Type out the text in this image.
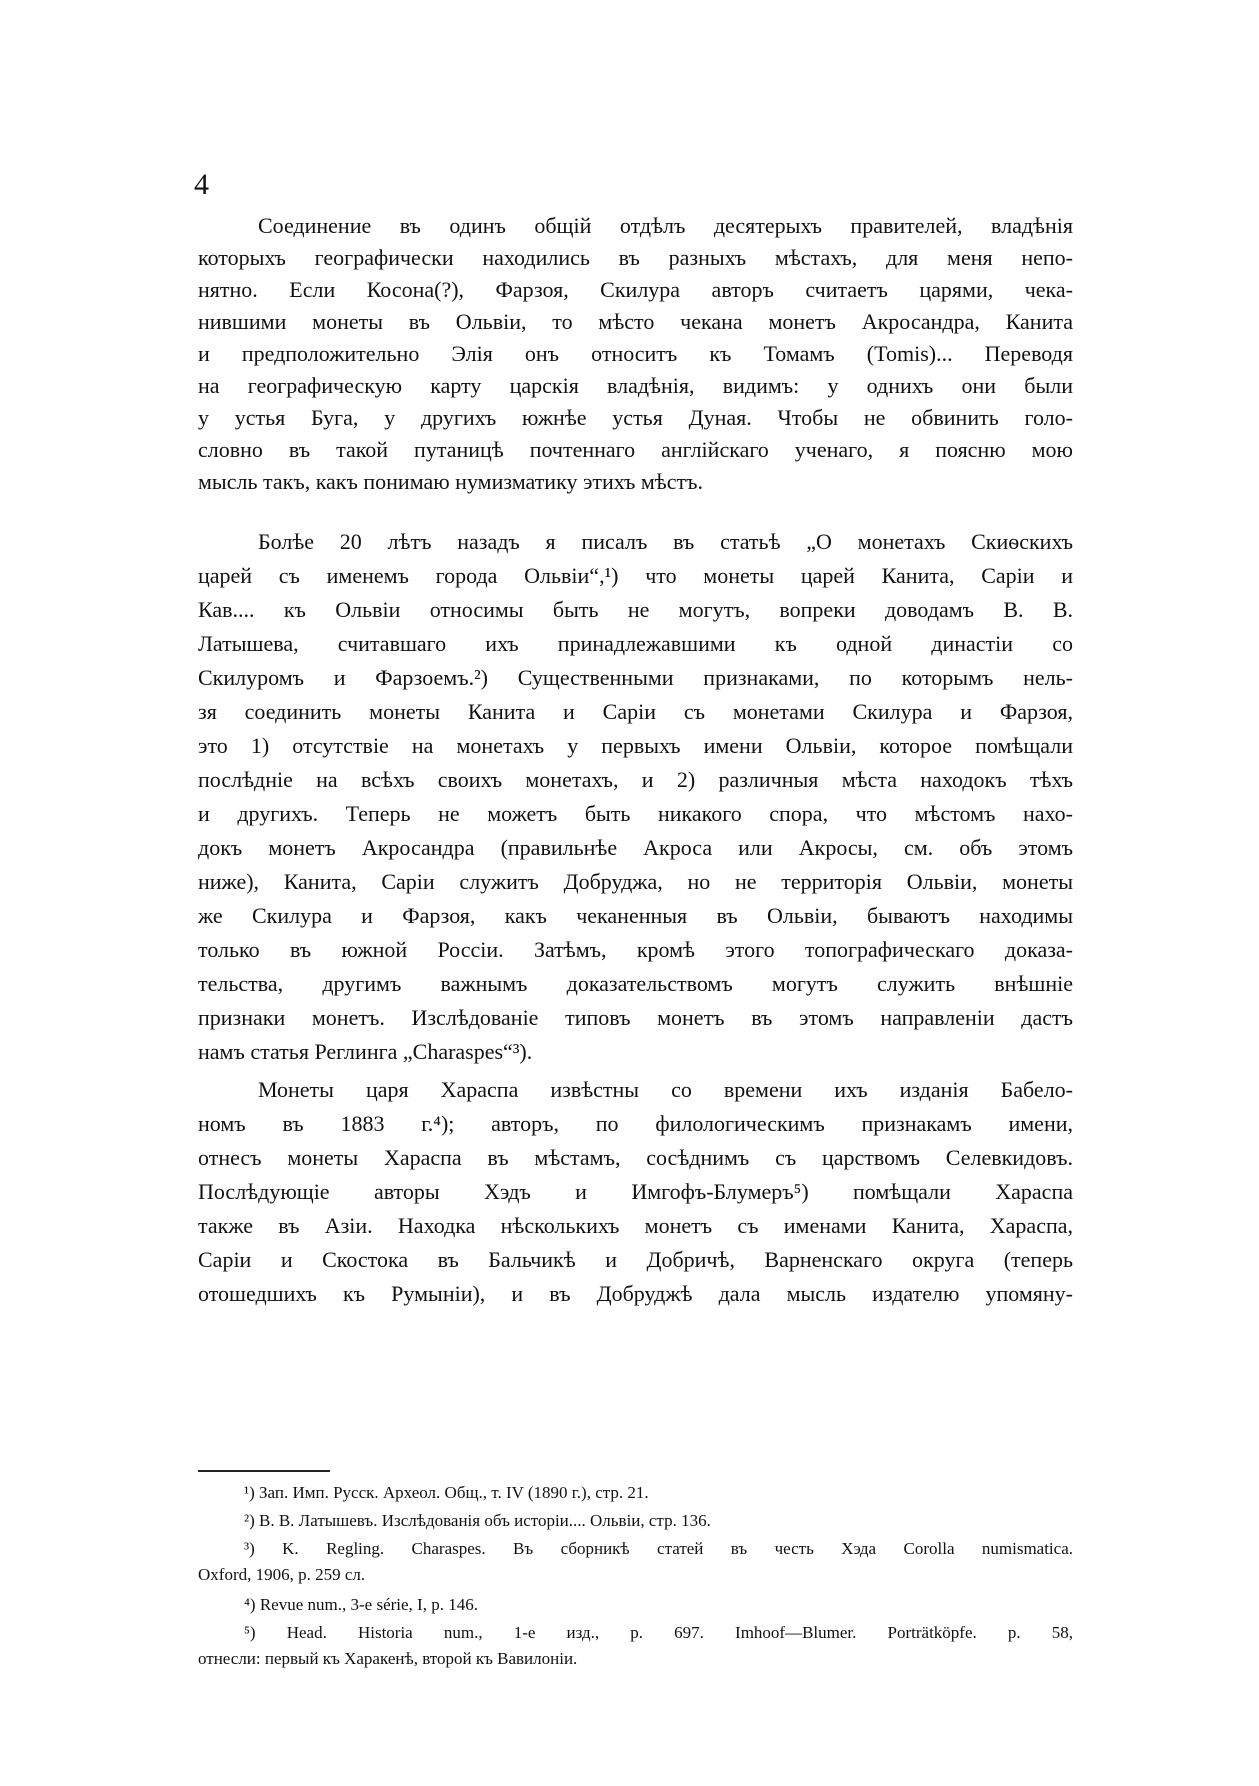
4
Соединение въ одинъ общій отдѣлъ десятерыхъ правителей, владѣнія
которыхъ географически находились въ разныхъ мѣстахъ, для меня непо-
нятно. Если Косона(?), Фарзоя, Скилура авторъ считаетъ царями, чека-
нившими монеты въ Ольвіи, то мѣсто чекана монетъ Акросандра, Канита
и предположительно Элія онъ относитъ къ Томамъ (Tomis)... Переводя
на географическую карту царскія владѣнія, видимъ: у однихъ они были
у устья Буга, у другихъ южнѣе устья Дуная. Чтобы не обвинить голо-
словно въ такой путаницѣ почтеннаго англійскаго ученаго, я поясню мою
мысль такъ, какъ понимаю нумизматику этихъ мѣстъ.
Болѣе 20 лѣтъ назадъ я писалъ въ статьѣ „О монетахъ Скиѳскихъ
царей съ именемъ города Ольвіи“,¹) что монеты царей Канита, Саріи и
Кав.... къ Ольвіи относимы быть не могутъ, вопреки доводамъ В. В.
Латышева, считавшаго ихъ принадлежавшими къ одной династіи со
Скилуромъ и Фарзоемъ.²) Существенными признаками, по которымъ нель-
зя соединить монеты Канита и Саріи съ монетами Скилура и Фарзоя,
это 1) отсутствіе на монетахъ у первыхъ имени Ольвіи, которое помѣщали
послѣдніе на всѣхъ своихъ монетахъ, и 2) различныя мѣста находокъ тѣхъ
и другихъ. Теперь не можетъ быть никакого спора, что мѣстомъ нахо-
докъ монетъ Акросандра (правильнѣе Акроса или Акросы, см. объ этомъ
ниже), Канита, Саріи служитъ Добруджа, но не территорія Ольвіи, монеты
же Скилура и Фарзоя, какъ чеканенныя въ Ольвіи, бываютъ находимы
только въ южной Россіи. Затѣмъ, кромѣ этого топографическаго доказа-
тельства, другимъ важнымъ доказательствомъ могутъ служить внѣшніе
признаки монетъ. Изслѣдованіе типовъ монетъ въ этомъ направленіи дастъ
намъ статья Реглинга „Charaspes“³).
Монеты царя Хараспа извѣстны со времени ихъ изданія Бабело-
номъ въ 1883 г.⁴); авторъ, по филологическимъ признакамъ имени,
отнесъ монеты Хараспа въ мѣстамъ, сосѣднимъ съ царствомъ Селевкидовъ.
Послѣдующіе авторы Хэдъ и Имгофъ-Блумеръ⁵) помѣщали Хараспа
также въ Азіи. Находка нѣсколькихъ монетъ съ именами Канита, Хараспа,
Саріи и Скостока въ Бальчикѣ и Добричѣ, Варненскаго округа (теперь
отошедшихъ къ Румыніи), и въ Добруджѣ дала мысль издателю упомяну-
¹) Зап. Имп. Русск. Археол. Общ., т. IV (1890 г.), стр. 21.
²) В. В. Латышевъ. Изслѣдованія объ исторіи.... Ольвіи, стр. 136.
³) K. Regling. Charaspes. Въ сборникѣ статей въ честь Хэда Corolla numismatica.
Oxford, 1906, p. 259 сл.
⁴) Revue num., 3-e série, I, p. 146.
⁵) Head. Historia num., 1-e изд., p. 697. Imhoof—Blumer. Porträtköpfe. p. 58,
отнесли: первый къ Харакенѣ, второй къ Вавилоніи.
